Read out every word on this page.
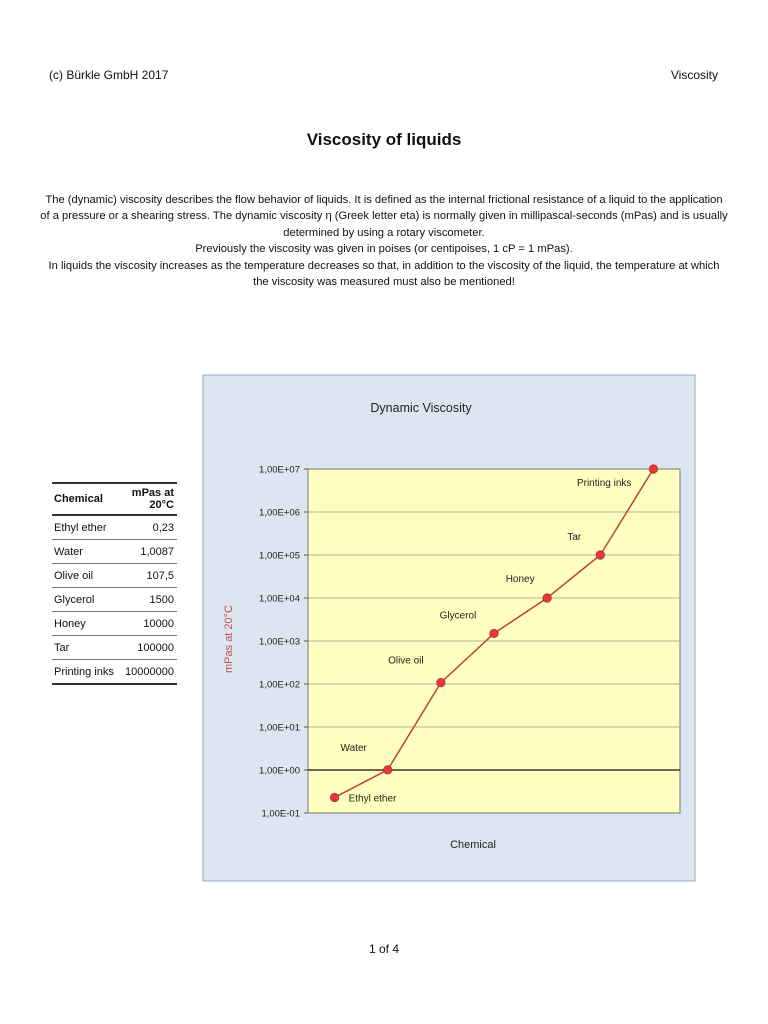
(c) Bürkle GmbH 2017	Viscosity
Viscosity of liquids

The (dynamic) viscosity describes the flow behavior of liquids. It is defined as the internal frictional resistance of a liquid to the application of a pressure or a shearing stress. The dynamic viscosity η (Greek letter eta) is normally given in millipascal-seconds (mPas) and is usually determined by using a rotary viscometer.

Previously the viscosity was given in poises (or centipoises, 1 cP = 1 mPas).

In liquids the viscosity increases as the temperature decreases so that, in addition to the viscosity of the liquid, the temperature at which the viscosity was measured must also be mentioned!

Chemical	mPas at 20°C
Ethyl ether	0,23
Water	1,0087
Olive oil	107,5
Glycerol	1500
Honey	10000
Tar	100000
Printing inks	10000000
Dynamic Viscosity
mPas at 20°C
Chemical
1,00E-01
1,00E+00
1,00E+01
1,00E+02
1,00E+03
1,00E+04
1,00E+05
1,00E+06
1,00E+07
Ethyl ether
Water
Olive oil
Glycerol
Honey
Tar
Printing inks
1 of 4
